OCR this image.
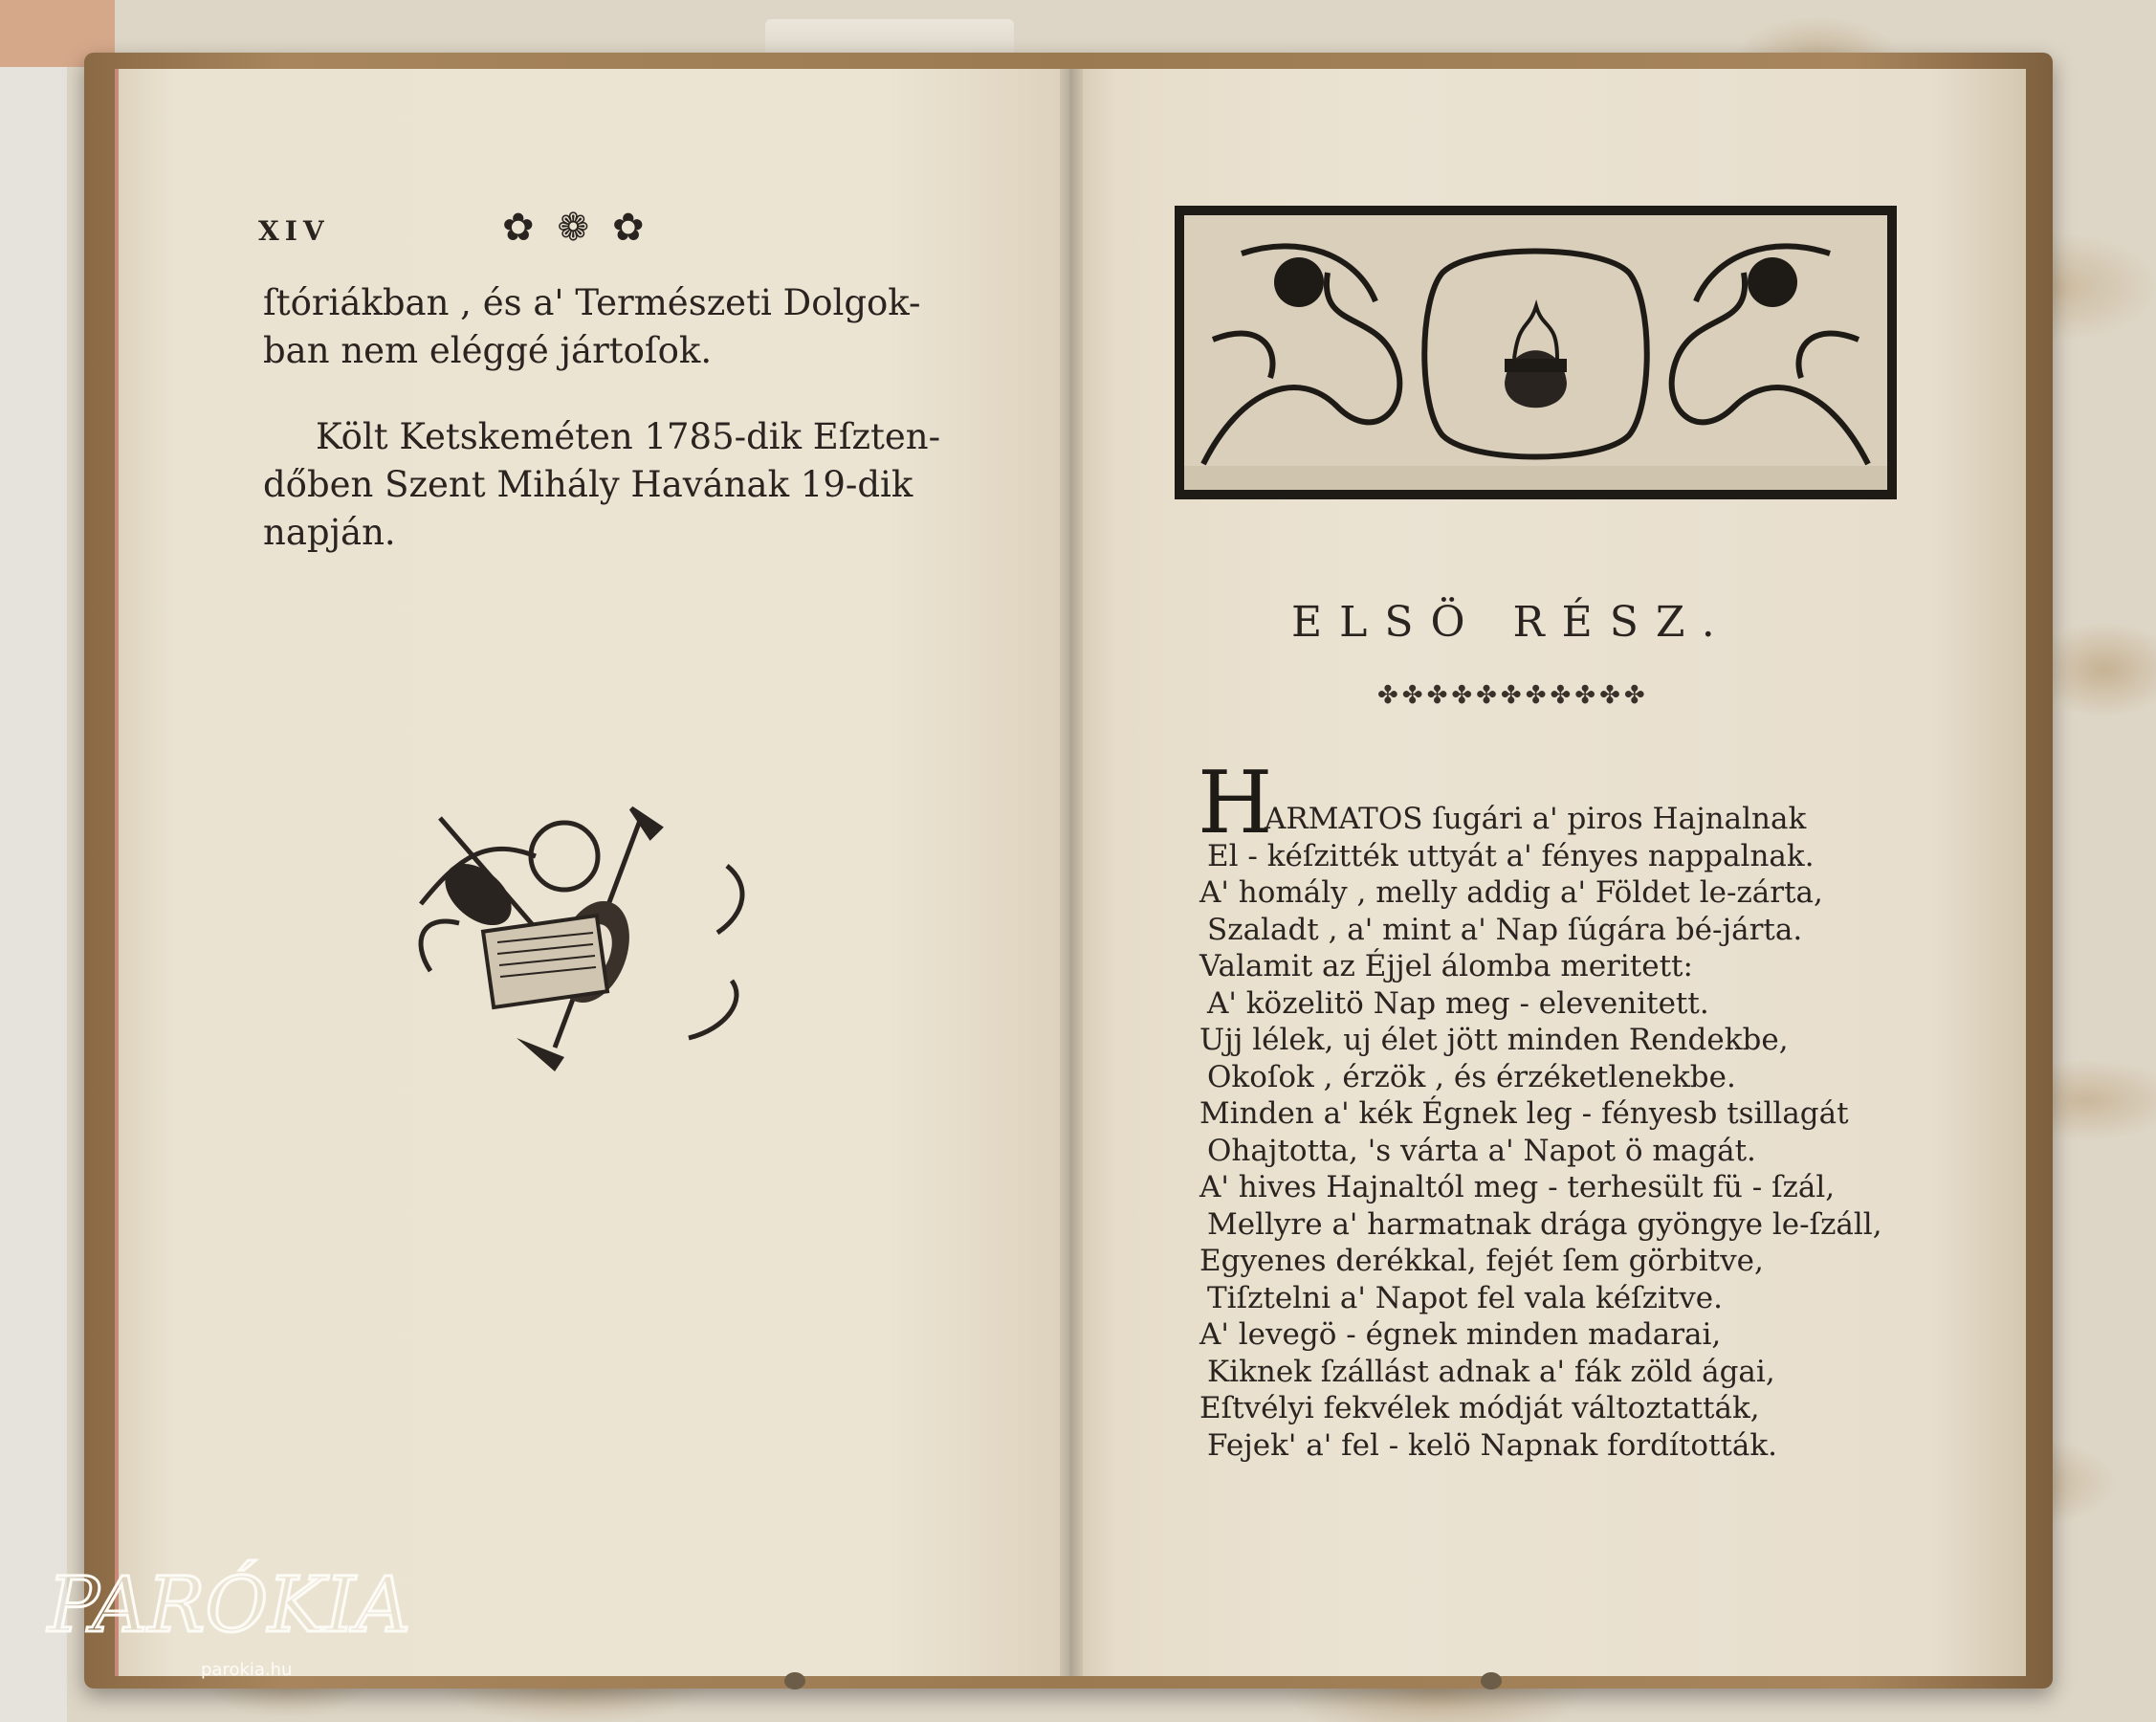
XIV	✿ ❁ ✿
ſtóriákban , és a' Természeti Dolgok-
ban nem eléggé jártoſok.
Költ Ketskeméten 1785-dik Eſzten-
dőben Szent Mihály Havának 19-dik
napján.
ELSÖ RÉSZ.
✤✤✤✤✤✤✤✤✤✤✤
H
ARMATOS ſugári a' piros Hajnalnak
El - kéſzitték uttyát a' fényes nappalnak.
A' homály , melly addig a' Földet le-zárta,
Szaladt , a' mint a' Nap ſúgára bé-járta.
Valamit az Éjjel álomba meritett:
A' közelitö Nap meg - elevenitett.
Ujj lélek, uj élet jött minden Rendekbe,
Okoſok , érzök , és érzéketlenekbe.
Minden a' kék Égnek leg - fényesb tsillagát
Ohajtotta, 's várta a' Napot ö magát.
A' hives Hajnaltól meg - terhesült fü - ſzál,
Mellyre a' harmatnak drága gyöngye le-ſzáll,
Egyenes derékkal, fejét ſem görbitve,
Tiſztelni a' Napot fel vala kéſzitve.
A' levegö - égnek minden madarai,
Kiknek ſzállást adnak a' fák zöld ágai,
Eſtvélyi fekvélek módját változtatták,
Fejek' a' fel - kelö Napnak fordították.
PARÓKIA
parokia.hu
